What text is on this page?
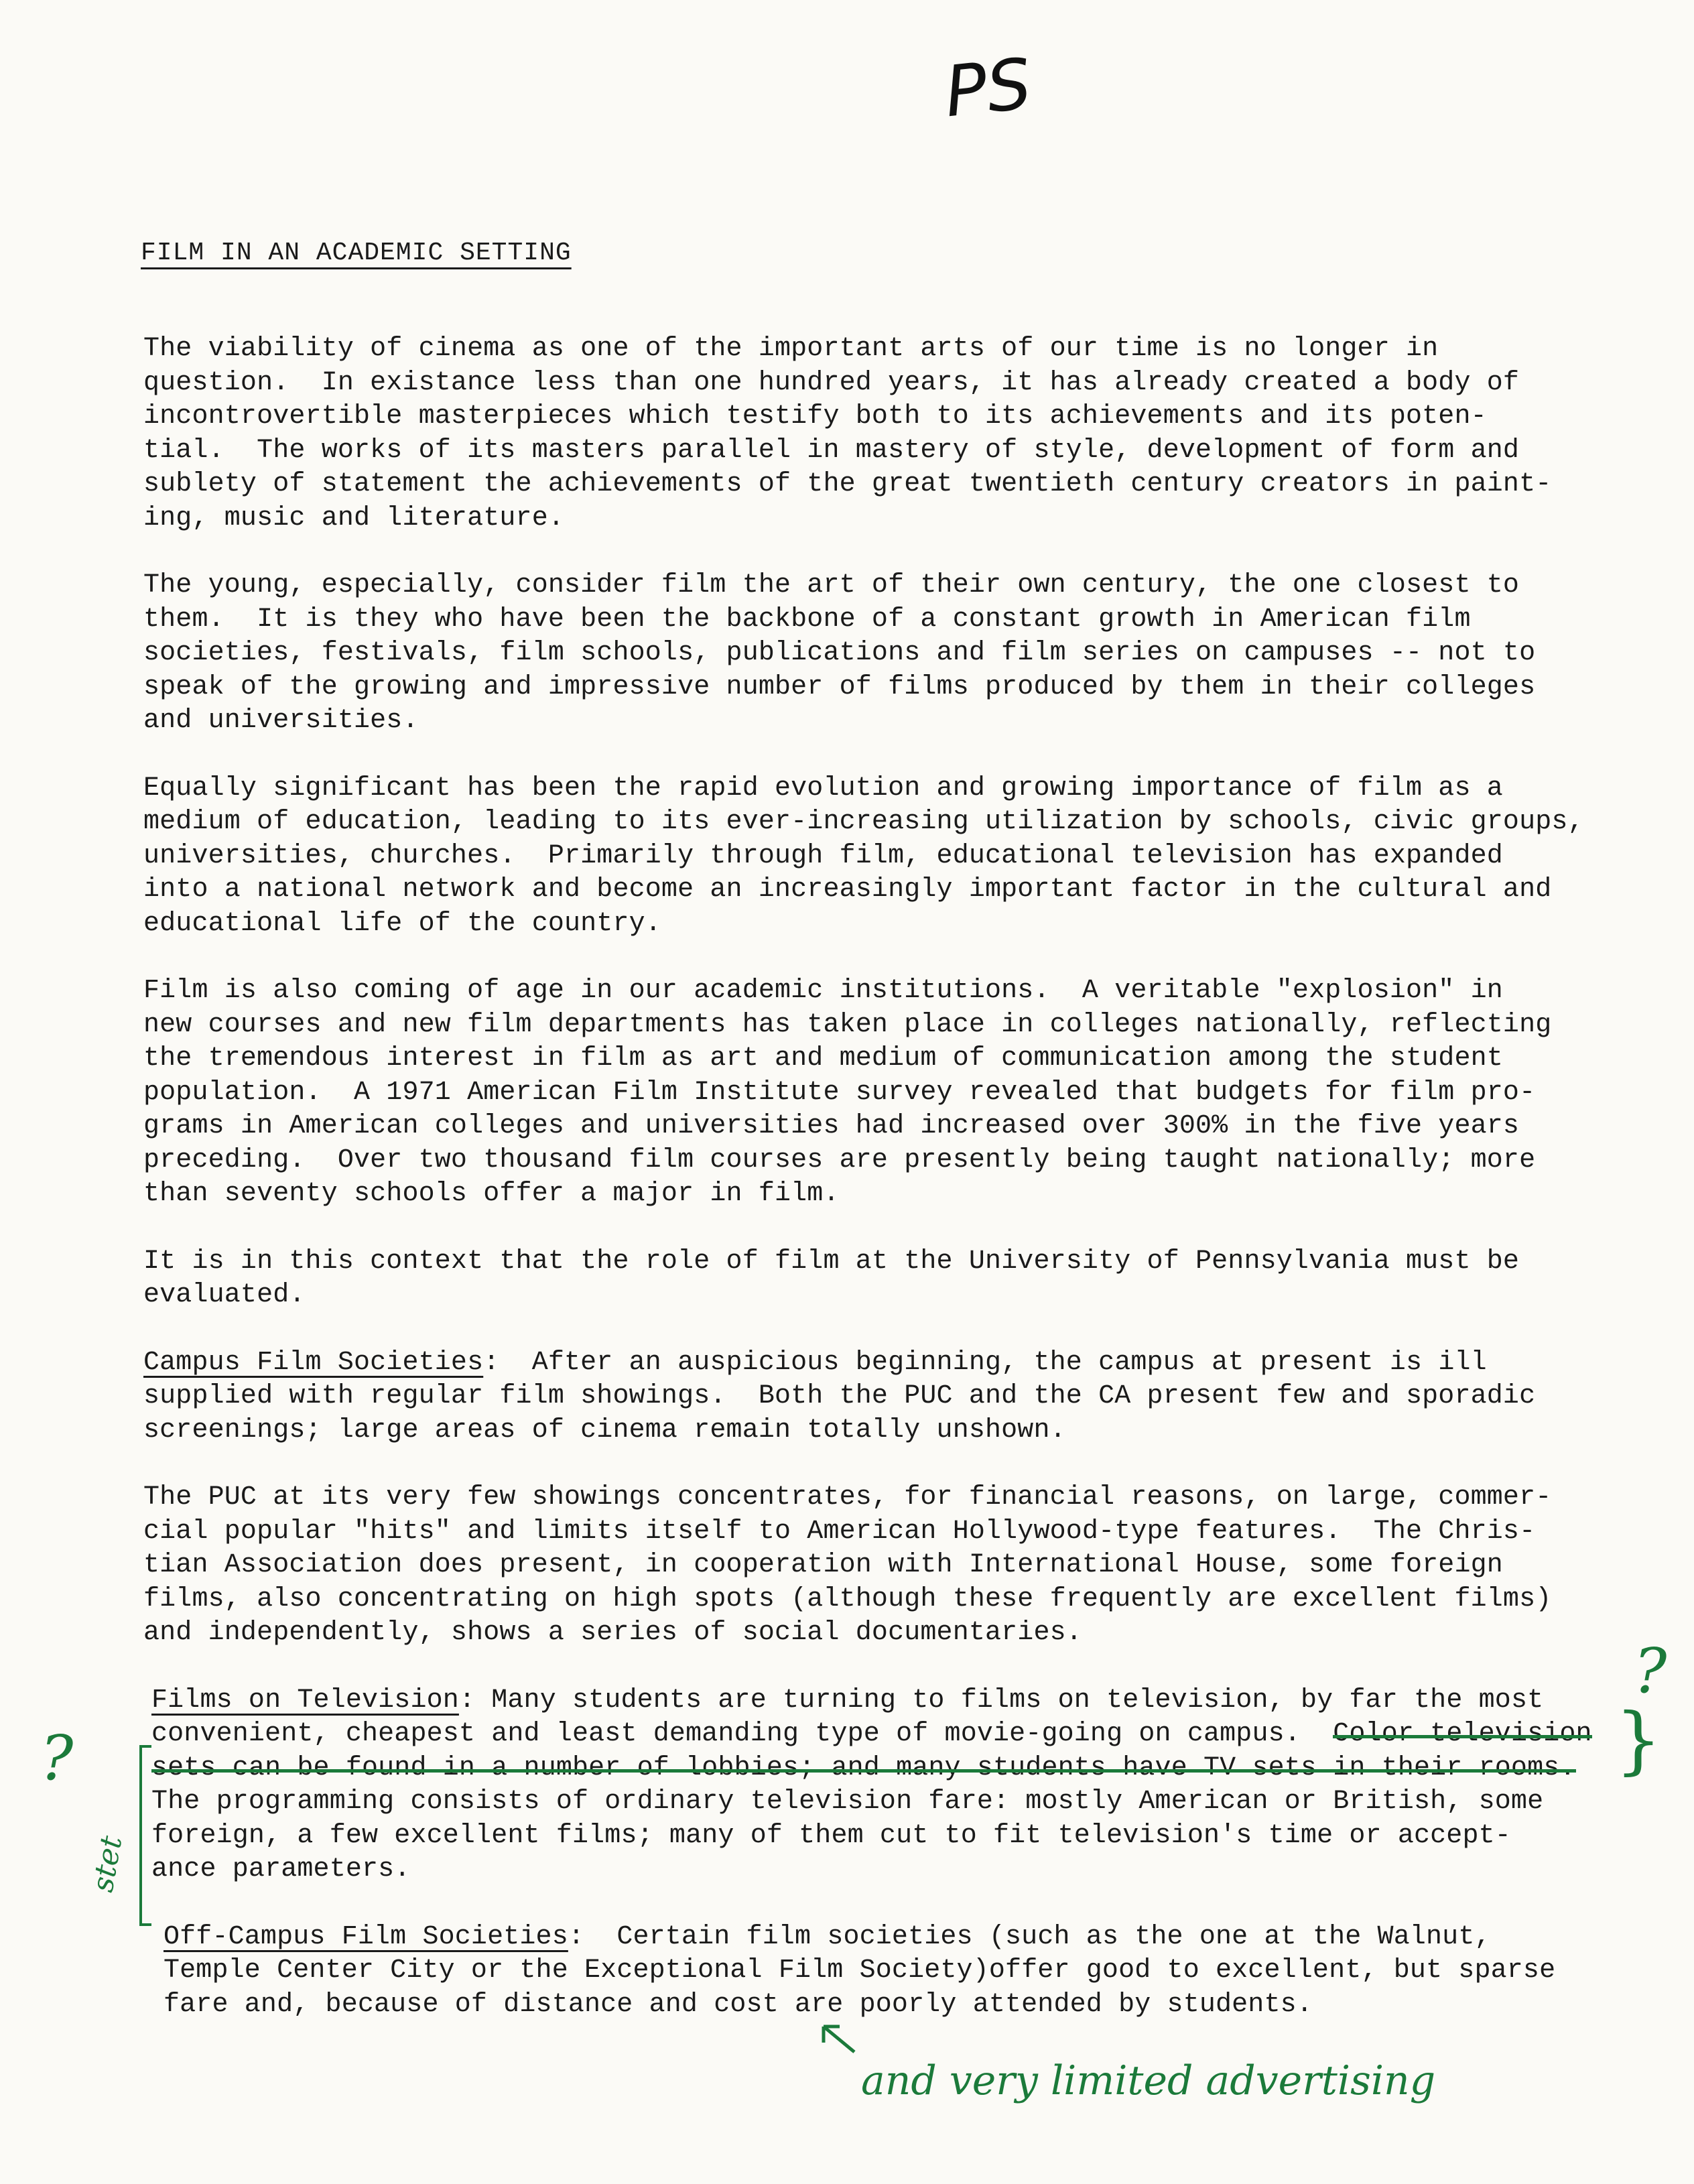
PS
FILM IN AN ACADEMIC SETTING
The viability of cinema as one of the important arts of our time is no longer in
question.  In existance less than one hundred years, it has already created a body of
incontrovertible masterpieces which testify both to its achievements and its poten-
tial.  The works of its masters parallel in mastery of style, development of form and
sublety of statement the achievements of the great twentieth century creators in paint-
ing, music and literature.
The young, especially, consider film the art of their own century, the one closest to
them.  It is they who have been the backbone of a constant growth in American film
societies, festivals, film schools, publications and film series on campuses -- not to
speak of the growing and impressive number of films produced by them in their colleges
and universities.
Equally significant has been the rapid evolution and growing importance of film as a
medium of education, leading to its ever-increasing utilization by schools, civic groups,
universities, churches.  Primarily through film, educational television has expanded
into a national network and become an increasingly important factor in the cultural and
educational life of the country.
Film is also coming of age in our academic institutions.  A veritable "explosion" in
new courses and new film departments has taken place in colleges nationally, reflecting
the tremendous interest in film as art and medium of communication among the student
population.  A 1971 American Film Institute survey revealed that budgets for film pro-
grams in American colleges and universities had increased over 300% in the five years
preceding.  Over two thousand film courses are presently being taught nationally; more
than seventy schools offer a major in film.
It is in this context that the role of film at the University of Pennsylvania must be
evaluated.
Campus Film Societies:  After an auspicious beginning, the campus at present is ill
supplied with regular film showings.  Both the PUC and the CA present few and sporadic
screenings; large areas of cinema remain totally unshown.
The PUC at its very few showings concentrates, for financial reasons, on large, commer-
cial popular "hits" and limits itself to American Hollywood-type features.  The Chris-
tian Association does present, in cooperation with International House, some foreign
films, also concentrating on high spots (although these frequently are excellent films)
and independently, shows a series of social documentaries.
Films on Television: Many students are turning to films on television, by far the most
convenient, cheapest and least demanding type of movie-going on campus.  Color television
sets can be found in a number of lobbies; and many students have TV sets in their rooms.
The programming consists of ordinary television fare: mostly American or British, some
foreign, a few excellent films; many of them cut to fit television's time or accept-
ance parameters.
Off-Campus Film Societies:  Certain film societies (such as the one at the Walnut,
Temple Center City or the Exceptional Film Society)offer good to excellent, but sparse
fare and, because of distance and cost are poorly attended by students.
stet
?
?
}
and very limited advertising
